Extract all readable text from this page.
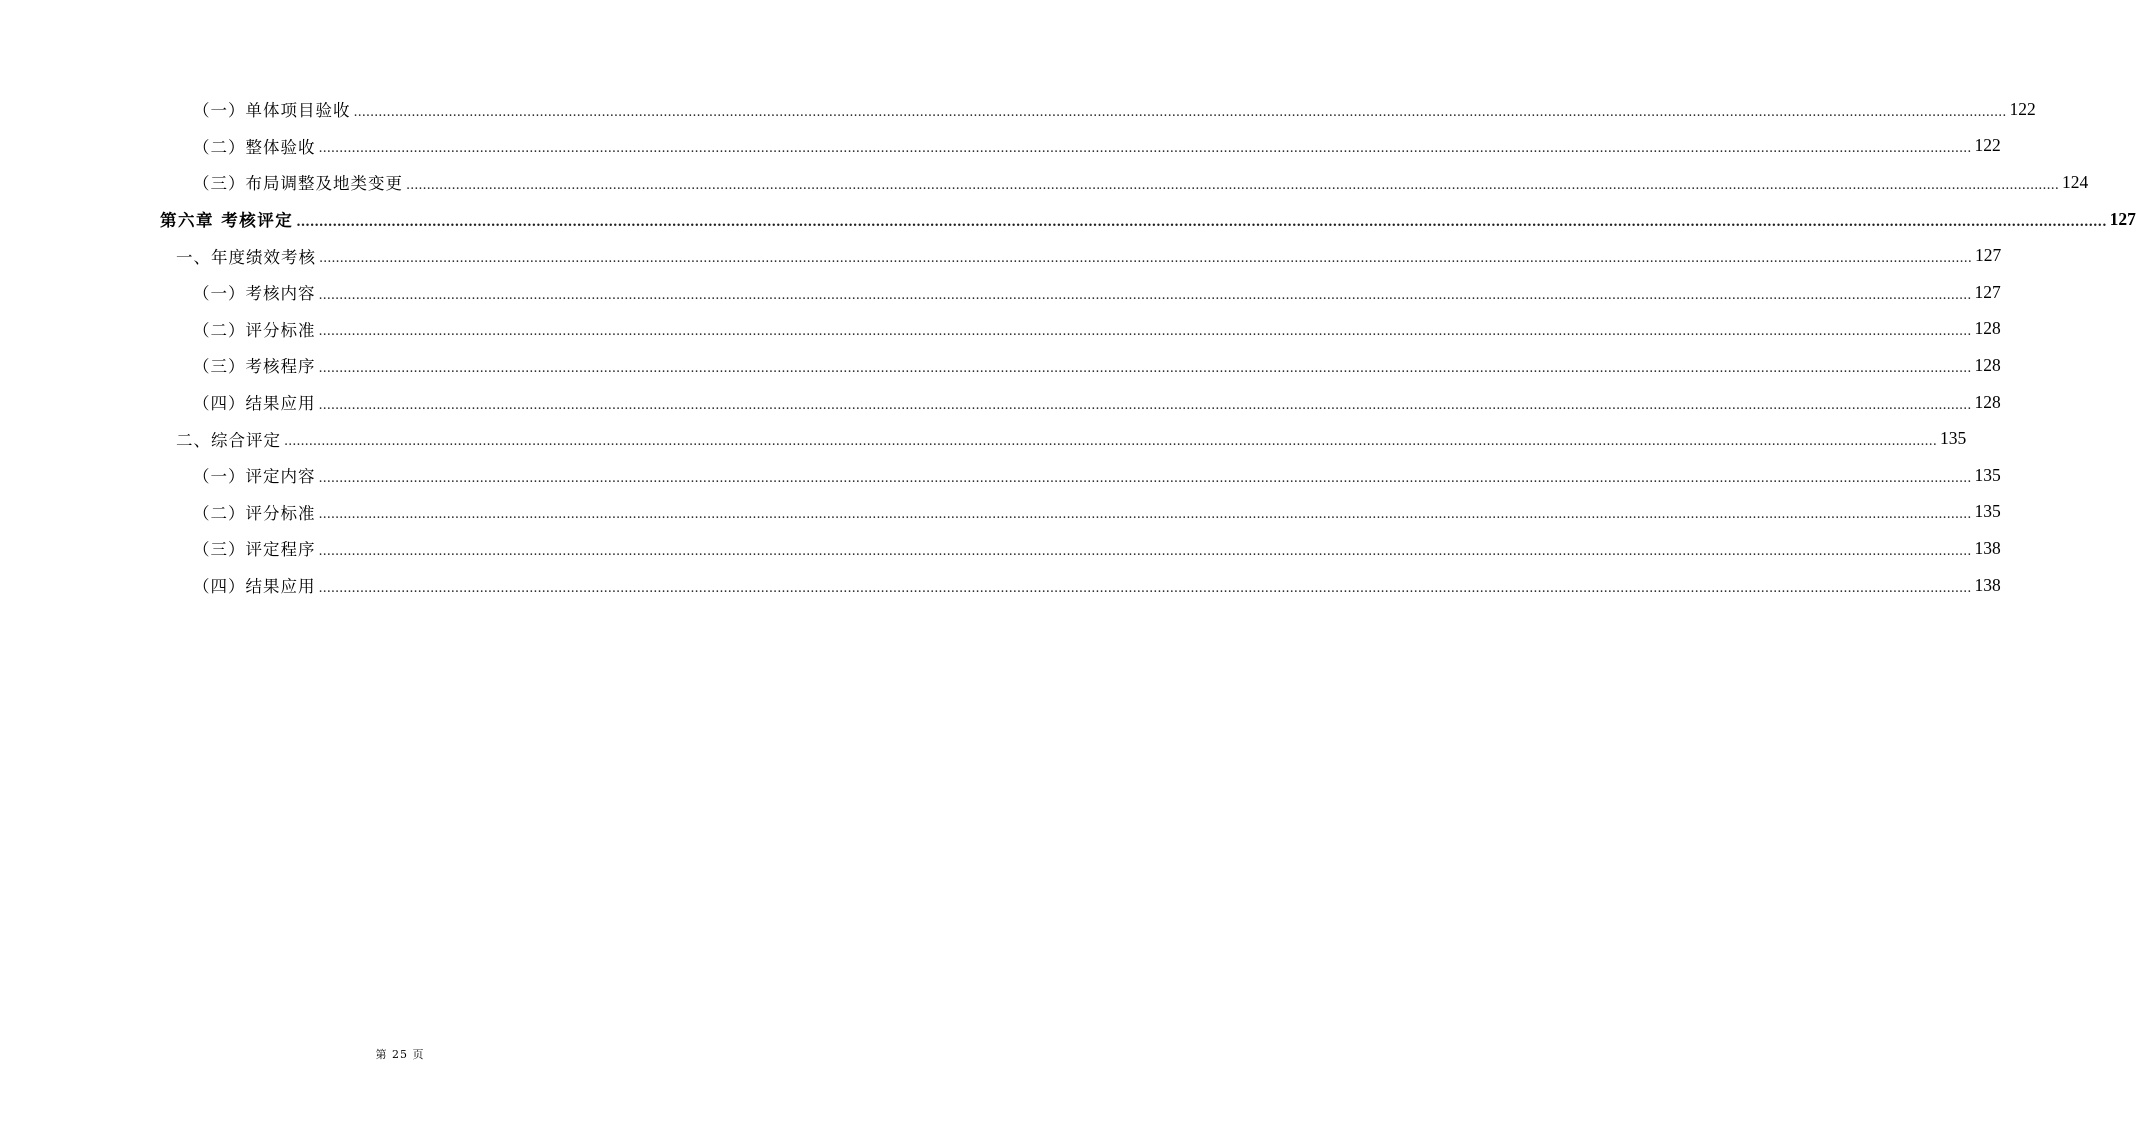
（一）单体项目验收 ................................................................................................................................................................................................................................................................................................................................................................................................................ 122
（二）整体验收 ................................................................................................................................................................................................................................................................................................................................................................................................................ 122
（三）布局调整及地类变更 ................................................................................................................................................................................................................................................................................................................................................................................................................ 124
第六章 考核评定 ................................................................................................................................................................................................................................................................................................................................................................................................................ 127
一、年度绩效考核 ................................................................................................................................................................................................................................................................................................................................................................................................................ 127
（一）考核内容 ................................................................................................................................................................................................................................................................................................................................................................................................................ 127
（二）评分标准 ................................................................................................................................................................................................................................................................................................................................................................................................................ 128
（三）考核程序 ................................................................................................................................................................................................................................................................................................................................................................................................................ 128
（四）结果应用 ................................................................................................................................................................................................................................................................................................................................................................................................................ 128
二、综合评定 ................................................................................................................................................................................................................................................................................................................................................................................................................ 135
（一）评定内容 ................................................................................................................................................................................................................................................................................................................................................................................................................ 135
（二）评分标准 ................................................................................................................................................................................................................................................................................................................................................................................................................ 135
（三）评定程序 ................................................................................................................................................................................................................................................................................................................................................................................................................ 138
（四）结果应用 ................................................................................................................................................................................................................................................................................................................................................................................................................ 138
第 25 页
